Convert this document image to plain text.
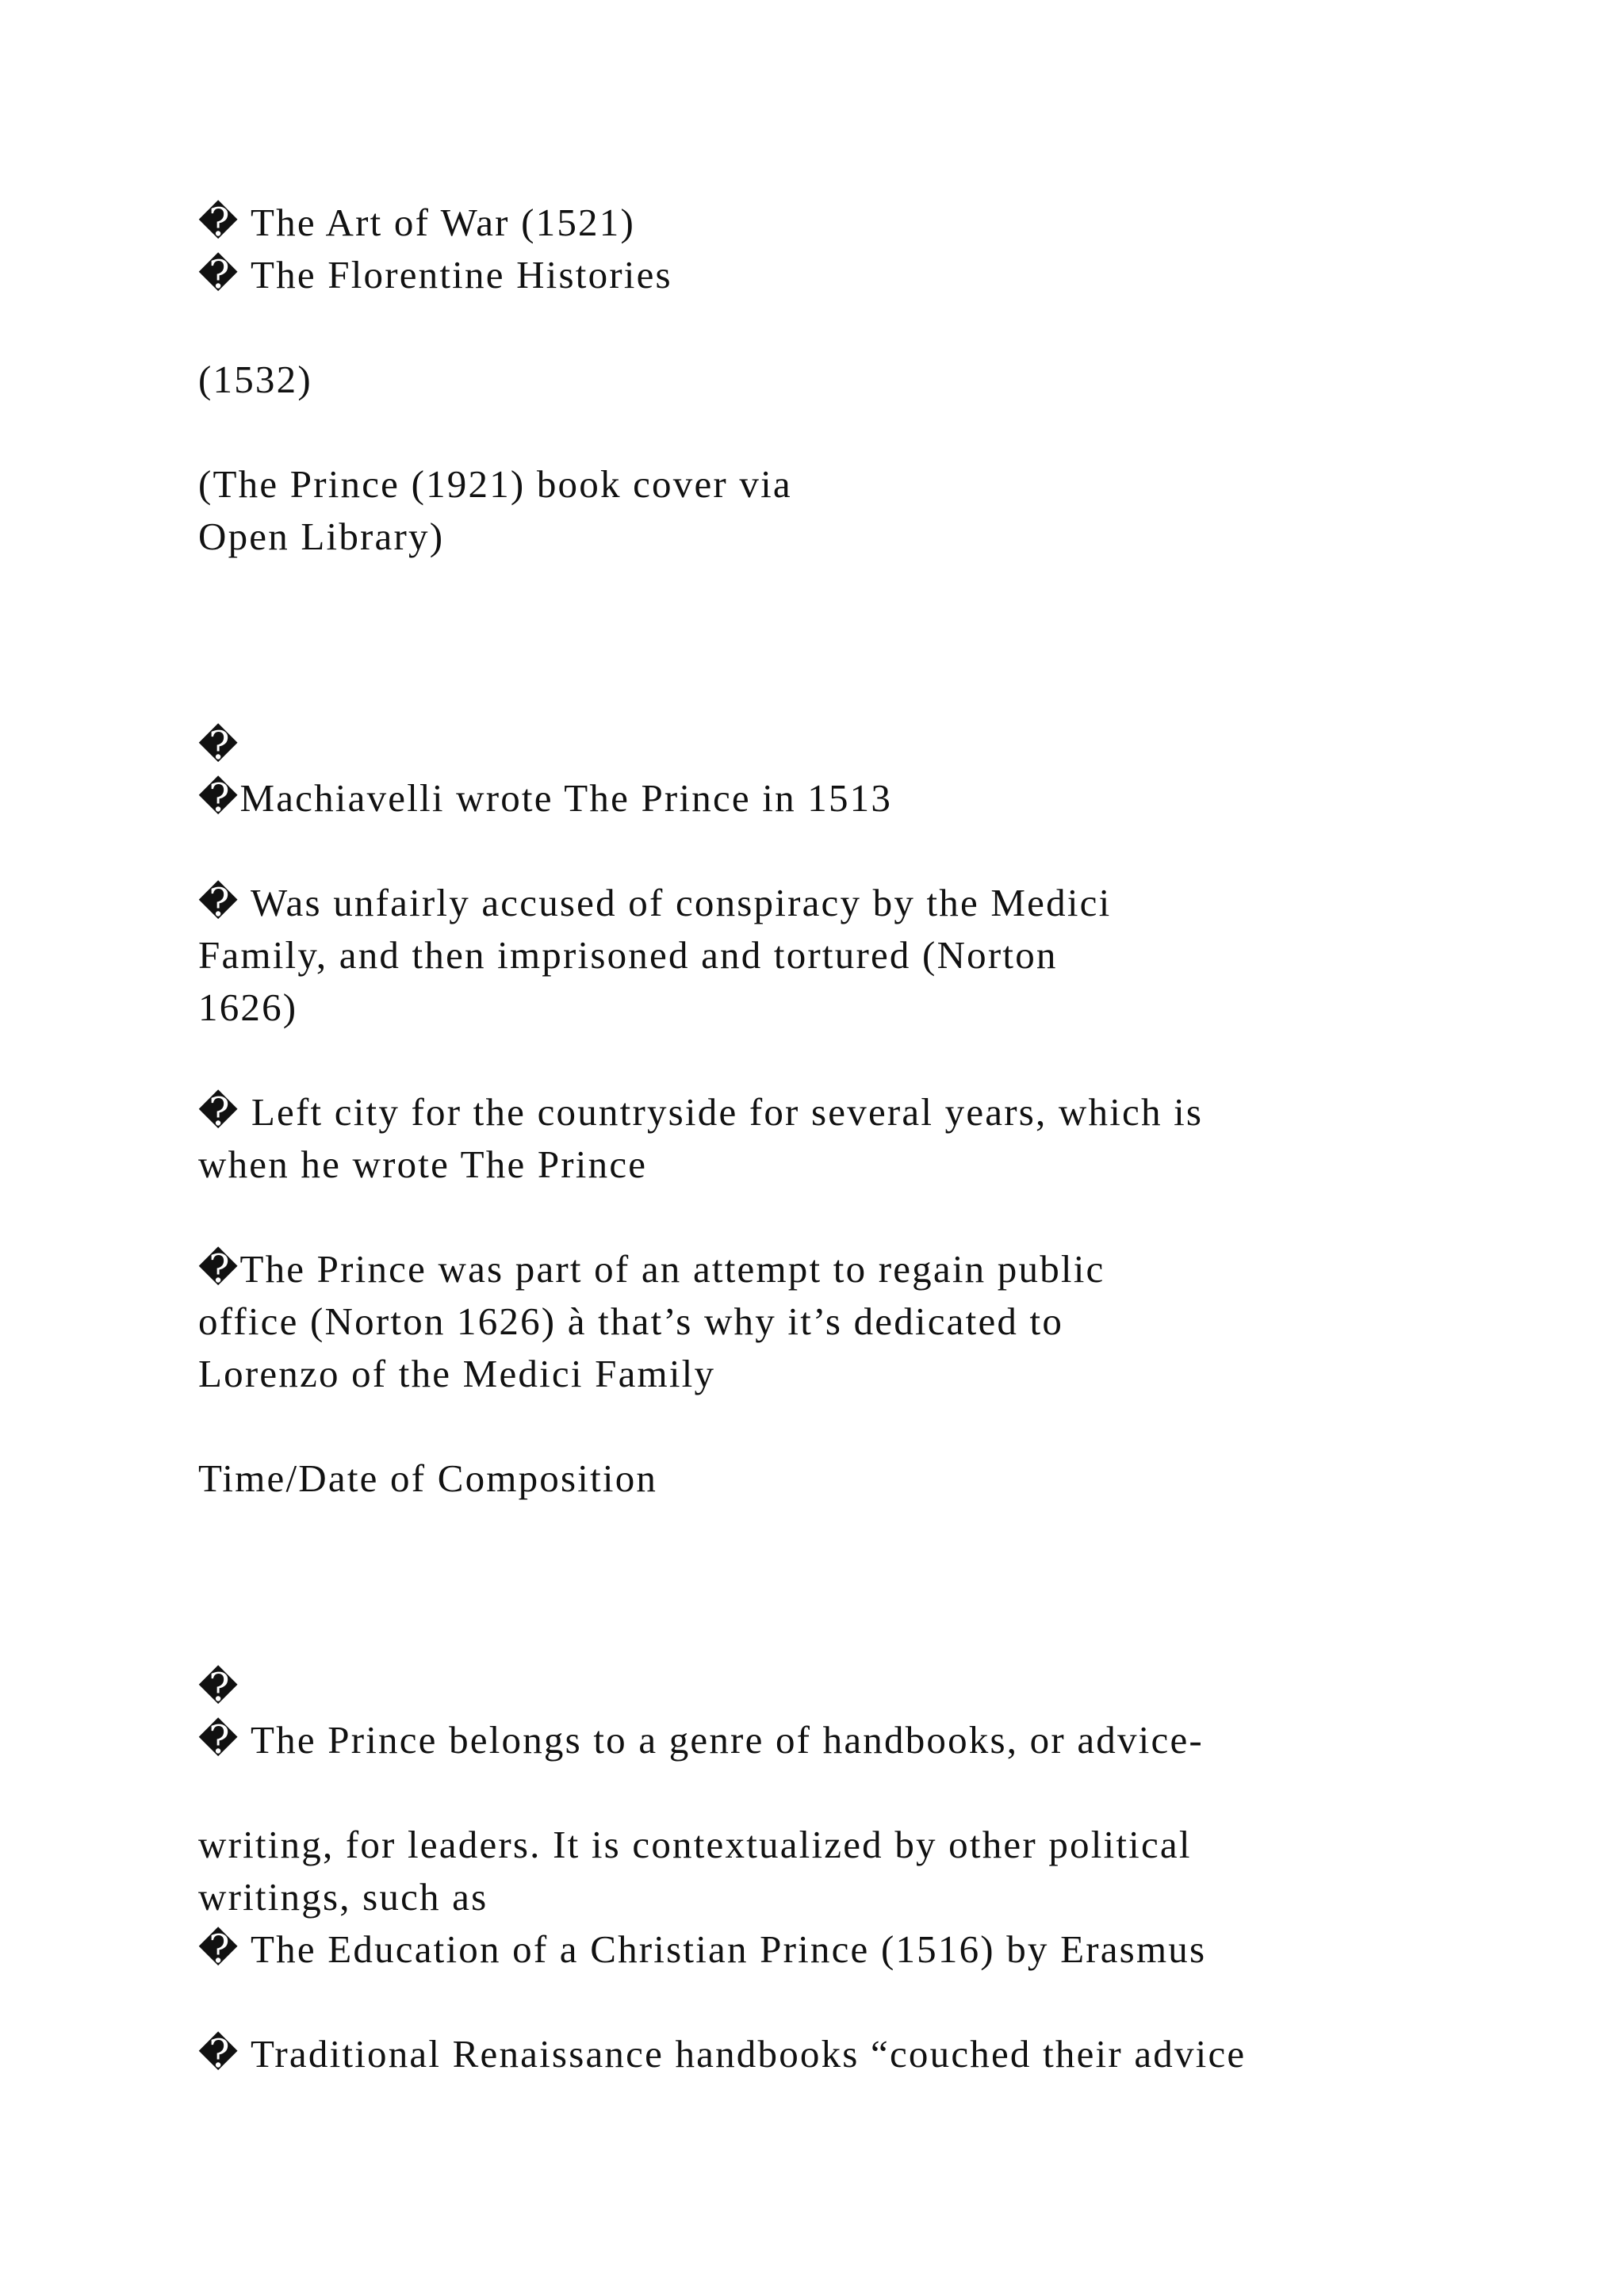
� The Art of War (1521)

� The Florentine Histories

(1532)

(The Prince (1921) book cover via

Open Library)

�

�Machiavelli wrote The Prince in 1513

� Was unfairly accused of conspiracy by the Medici

Family, and then imprisoned and tortured (Norton

1626)

� Left city for the countryside for several years, which is

when he wrote The Prince

�The Prince was part of an attempt to regain public

office (Norton 1626) à that’s why it’s dedicated to

Lorenzo of the Medici Family

Time/Date of Composition

�

� The Prince belongs to a genre of handbooks, or advice-

writing, for leaders. It is contextualized by other political

writings, such as

� The Education of a Christian Prince (1516) by Erasmus

� Traditional Renaissance handbooks “couched their advice
